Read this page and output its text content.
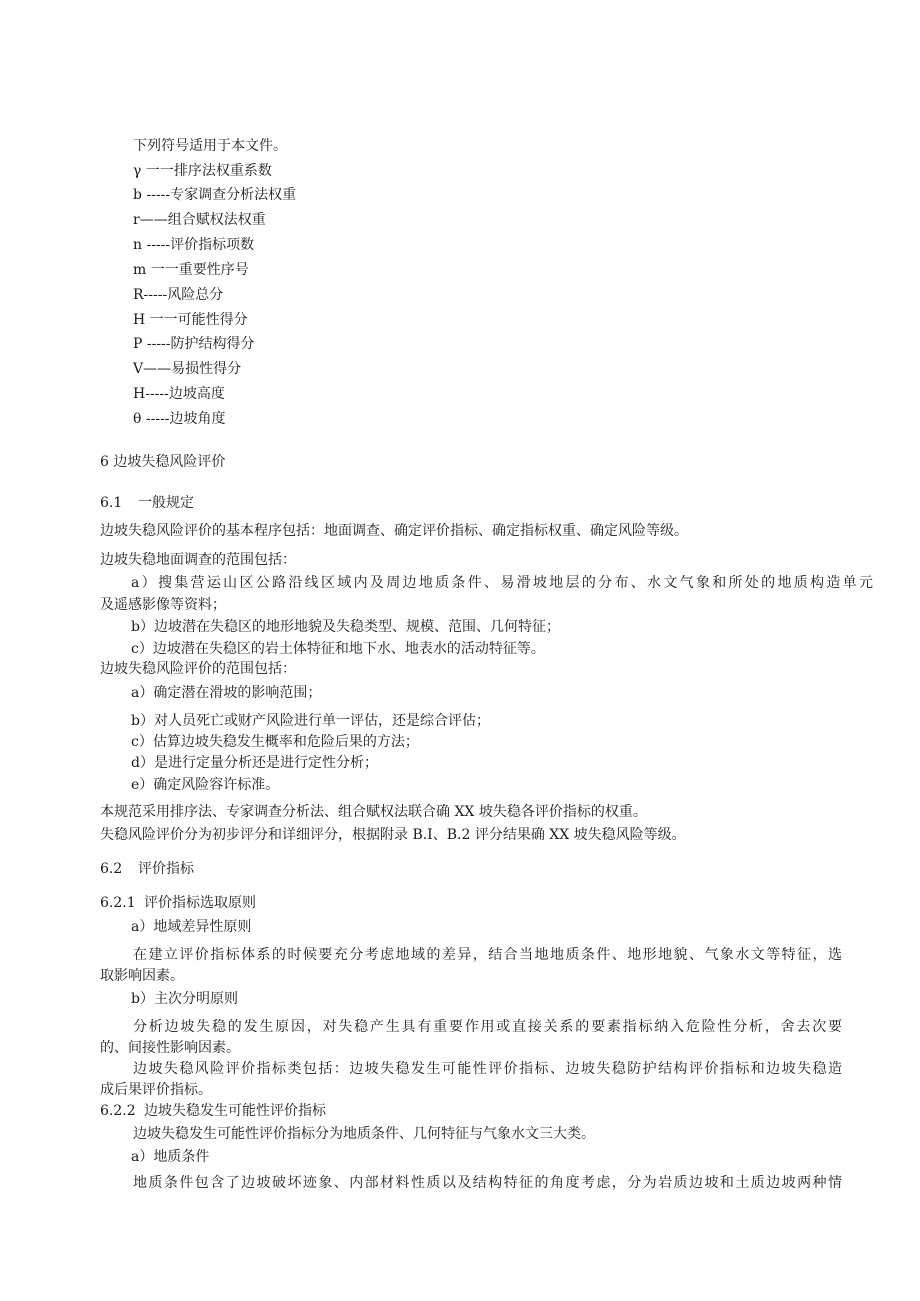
下列符号适用于本文件。
γ 一一排序法权重系数
b -----专家调查分析法权重
r——组合赋权法权重
n -----评价指标项数
m 一一重要性序号
R-----风险总分
H 一一可能性得分
P -----防护结构得分
V——易损性得分
H-----边坡高度
θ -----边坡角度
6 边坡失稳风险评价
6.1 一般规定
边坡失稳风险评价的基本程序包括：地面调查、确定评价指标、确定指标权重、确定风险等级。
边坡失稳地面调查的范围包括：
a）搜集营运山区公路沿线区域内及周边地质条件、易滑坡地层的分布、水文气象和所处的地质构造单元
及遥感影像等资料；
b）边坡潜在失稳区的地形地貌及失稳类型、规模、范围、几何特征；
c）边坡潜在失稳区的岩土体特征和地下水、地表水的活动特征等。
边坡失稳风险评价的范围包括：
a）确定潜在滑坡的影响范围；
b）对人员死亡或财产风险进行单一评估，还是综合评估；
c）估算边坡失稳发生概率和危险后果的方法；
d）是进行定量分析还是进行定性分析；
e）确定风险容许标准。
本规范采用排序法、专家调查分析法、组合赋权法联合确 XX 坡失稳各评价指标的权重。
失稳风险评价分为初步评分和详细评分，根据附录 B.I、B.2 评分结果确 XX 坡失稳风险等级。
6.2 评价指标
6.2.1 评价指标选取原则
a）地域差异性原则
在建立评价指标体系的时候要充分考虑地域的差异，结合当地地质条件、地形地貌、气象水文等特征，选
取影响因素。
b）主次分明原则
分析边坡失稳的发生原因，对失稳产生具有重要作用或直接关系的要素指标纳入危险性分析，舍去次要
的、间接性影响因素。
边坡失稳风险评价指标类包括：边坡失稳发生可能性评价指标、边坡失稳防护结构评价指标和边坡失稳造
成后果评价指标。
6.2.2 边坡失稳发生可能性评价指标
边坡失稳发生可能性评价指标分为地质条件、几何特征与气象水文三大类。
a）地质条件
地质条件包含了边坡破坏迹象、内部材料性质以及结构特征的角度考虑，分为岩质边坡和土质边坡两种情
